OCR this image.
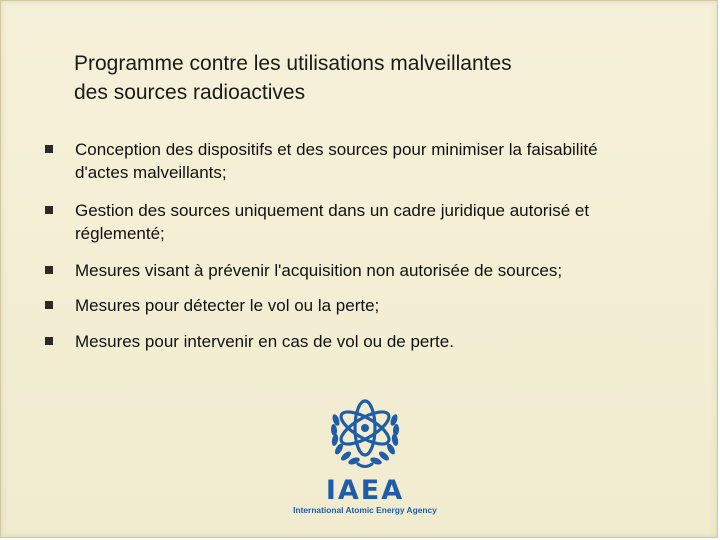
Programme contre les utilisations malveillantes
des sources radioactives
Conception des dispositifs et des sources pour minimiser la faisabilité
d'actes malveillants;
Gestion des sources uniquement dans un cadre juridique autorisé et
réglementé;
Mesures visant à prévenir l'acquisition non autorisée de sources;
Mesures pour détecter le vol ou la perte;
Mesures pour intervenir en cas de vol ou de perte.
IAEA
International Atomic Energy Agency
